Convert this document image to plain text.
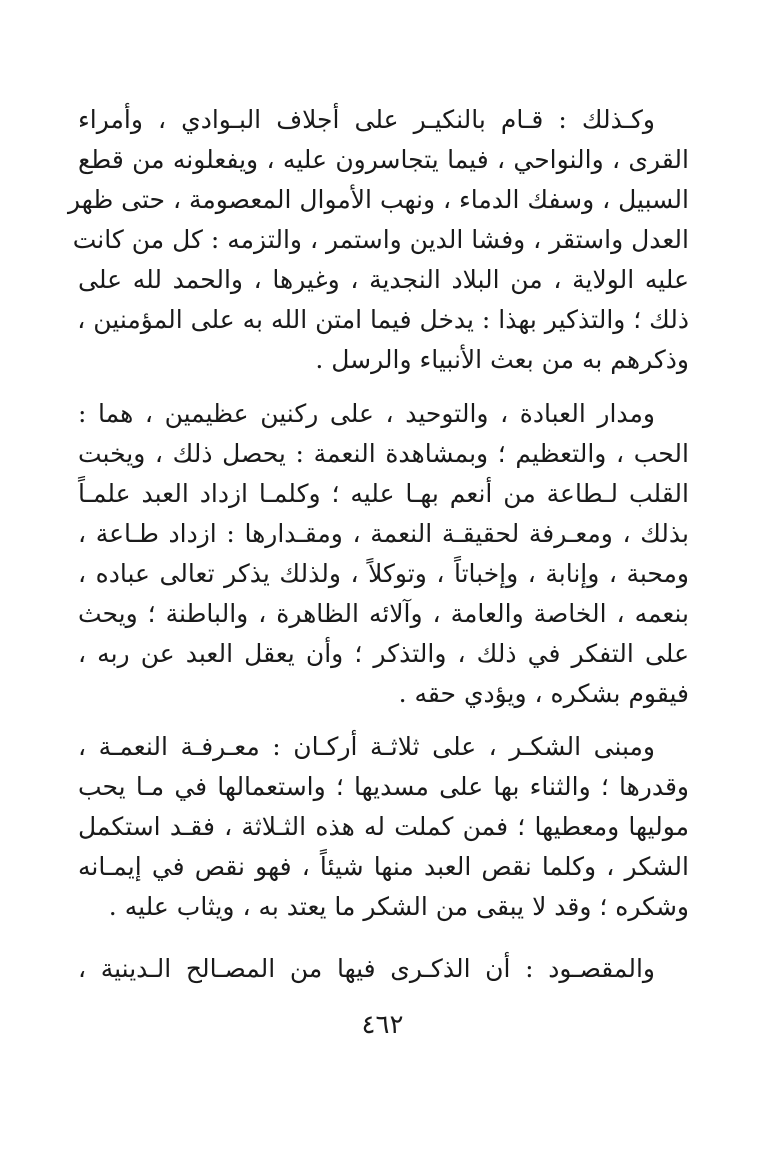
وكـذلك : قـام بالنكيـر على أجلاف البـوادي ، وأمراء
القرى ، والنواحي ، فيما يتجاسرون عليه ، ويفعلونه من قطع
السبيل ، وسفك الدماء ، ونهب الأموال المعصومة ، حتى ظهر
العدل واستقر ، وفشا الدين واستمر ، والتزمه : كل من كانت
عليه الولاية ، من البلاد النجدية ، وغيرها ، والحمد لله على
ذلك ؛ والتذكير بهذا : يدخل فيما امتن الله به على المؤمنين ،
وذكرهم به من بعث الأنبياء والرسل .
ومدار العبادة ، والتوحيد ، على ركنين عظيمين ، هما :
الحب ، والتعظيم ؛ وبمشاهدة النعمة : يحصل ذلك ، ويخبت
القلب لـطاعة من أنعم بهـا عليه ؛ وكلمـا ازداد العبد علمـاً
بذلك ، ومعـرفة لحقيقـة النعمة ، ومقـدارها : ازداد طـاعة ،
ومحبة ، وإنابة ، وإخباتاً ، وتوكلاً ، ولذلك يذكر تعالى عباده ،
بنعمه ، الخاصة والعامة ، وآلائه الظاهرة ، والباطنة ؛ ويحث
على التفكر في ذلك ، والتذكر ؛ وأن يعقل العبد عن ربه ،
فيقوم بشكره ، ويؤدي حقه .
ومبنى الشكـر ، على ثلاثـة أركـان : معـرفـة النعمـة ،
وقدرها ؛ والثناء بها على مسديها ؛ واستعمالها في مـا يحب
موليها ومعطيها ؛ فمن كملت له هذه الثـلاثة ، فقـد استكمل
الشكر ، وكلما نقص العبد منها شيئاً ، فهو نقص في إيمـانه
وشكره ؛ وقد لا يبقى من الشكر ما يعتد به ، ويثاب عليه .
والمقصـود : أن الذكـرى فيها من المصـالح الـدينية ،
٤٦٢
